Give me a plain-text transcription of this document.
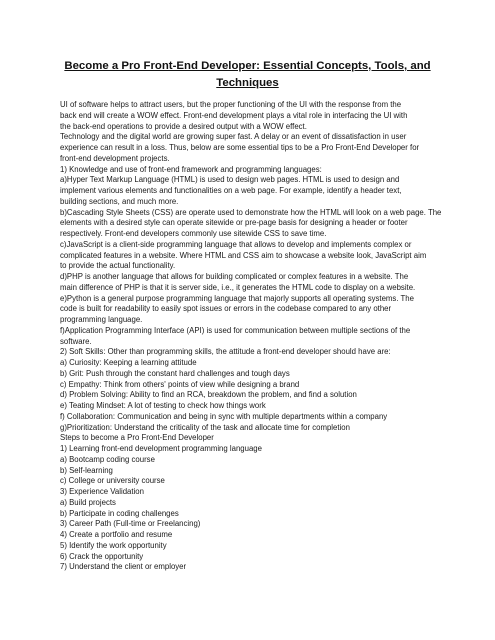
Become a Pro Front-End Developer: Essential Concepts, Tools, and
Techniques
UI of software helps to attract users, but the proper functioning of the UI with the response from the
back end will create a WOW effect. Front-end development plays a vital role in interfacing the UI with
the back-end operations to provide a desired output with a WOW effect.
Technology and the digital world are growing super fast. A delay or an event of dissatisfaction in user
experience can result in a loss. Thus, below are some essential tips to be a Pro Front-End Developer for
front-end development projects.
1) Knowledge and use of front-end framework and programming languages:
a)Hyper Text Markup Language (HTML) is used to design web pages. HTML is used to design and
implement various elements and functionalities on a web page. For example, identify a header text,
building sections, and much more.
b)Cascading Style Sheets (CSS) are operate used to demonstrate how the HTML will look on a web page. The
elements with a desired style can operate sitewide or pre-page basis for designing a header or footer
respectively. Front-end developers commonly use sitewide CSS to save time.
c)JavaScript is a client-side programming language that allows to develop and implements complex or
complicated features in a website. Where HTML and CSS aim to showcase a website look, JavaScript aim
to provide the actual functionality.
d)PHP is another language that allows for building complicated or complex features in a website. The
main difference of PHP is that it is server side, i.e., it generates the HTML code to display on a website.
e)Python is a general purpose programming language that majorly supports all operating systems. The
code is built for readability to easily spot issues or errors in the codebase compared to any other
programming language.
f)Application Programming Interface (API) is used for communication between multiple sections of the
software.
2) Soft Skills: Other than programming skills, the attitude a front-end developer should have are:
a) Curiosity: Keeping a learning attitude
b) Grit: Push through the constant hard challenges and tough days
c) Empathy: Think from others' points of view while designing a brand
d) Problem Solving: Ability to find an RCA, breakdown the problem, and find a solution
e) Teating Mindset: A lot of testing to check how things work
f) Collaboration: Communication and being in sync with multiple departments within a company
g)Prioritization: Understand the criticality of the task and allocate time for completion
Steps to become a Pro Front-End Developer
1) Learning front-end development programming language
a) Bootcamp coding course
b) Self-learning
c) College or university course
3) Experience Validation
a) Build projects
b) Participate in coding challenges
3) Career Path (Full-time or Freelancing)
4) Create a portfolio and resume
5) Identify the work opportunity
6) Crack the opportunity
7) Understand the client or employer
